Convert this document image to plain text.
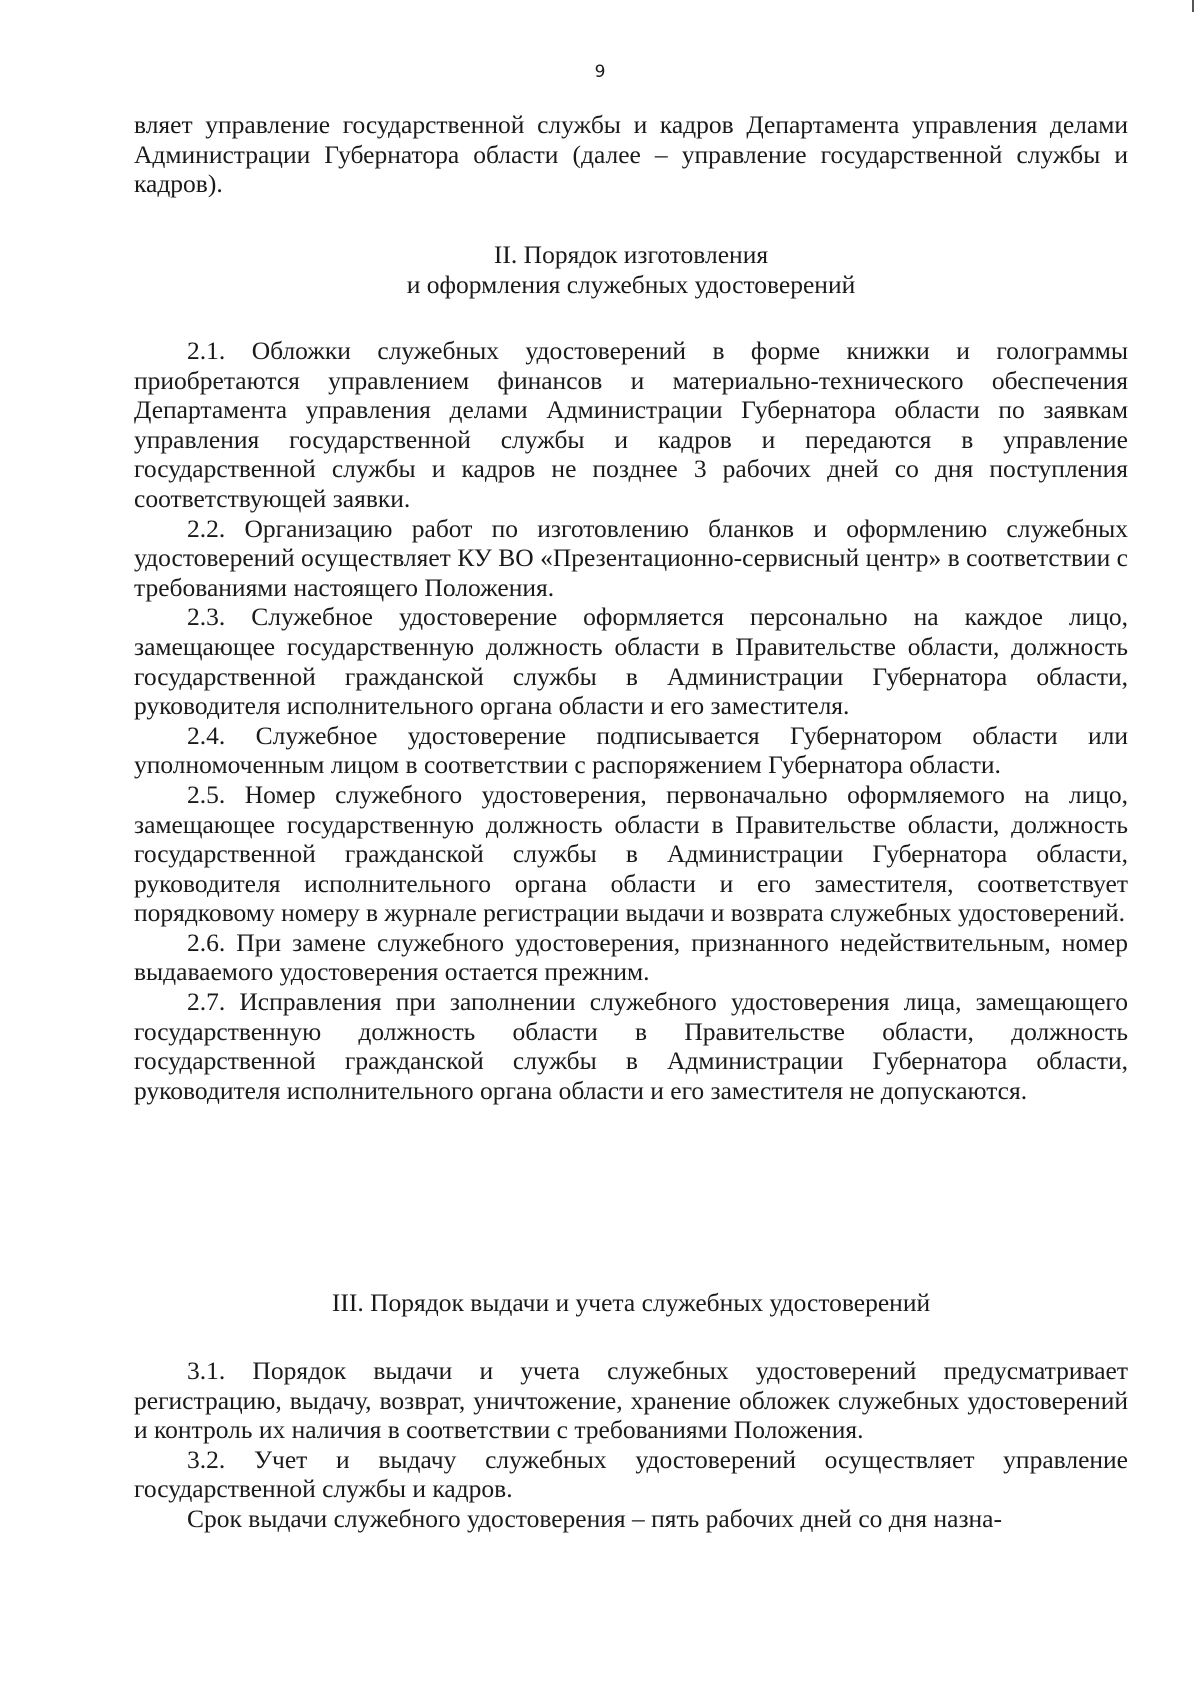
9

вляет управление государственной службы и кадров Департамента управления делами Администрации Губернатора области (далее – управление государственной службы и кадров).

II. Порядок изготовления
и оформления служебных удостоверений

2.1. Обложки служебных удостоверений в форме книжки и голограммы приобретаются управлением финансов и материально-технического обеспечения Департамента управления делами Администрации Губернатора области по заявкам управления государственной службы и кадров и передаются в управление государственной службы и кадров не позднее 3 рабочих дней со дня поступления соответствующей заявки.

2.2. Организацию работ по изготовлению бланков и оформлению служебных удостоверений осуществляет КУ ВО «Презентационно-сервисный центр» в соответствии с требованиями настоящего Положения.

2.3. Служебное удостоверение оформляется персонально на каждое лицо, замещающее государственную должность области в Правительстве области, должность государственной гражданской службы в Администрации Губернатора области, руководителя исполнительного органа области и его заместителя.

2.4. Служебное удостоверение подписывается Губернатором области или уполномоченным лицом в соответствии с распоряжением Губернатора области.

2.5. Номер служебного удостоверения, первоначально оформляемого на лицо, замещающее государственную должность области в Правительстве области, должность государственной гражданской службы в Администрации Губернатора области, руководителя исполнительного органа области и его заместителя, соответствует порядковому номеру в журнале регистрации выдачи и возврата служебных удостоверений.

2.6. При замене служебного удостоверения, признанного недействительным, номер выдаваемого удостоверения остается прежним.

2.7. Исправления при заполнении служебного удостоверения лица, замещающего государственную должность области в Правительстве области, должность государственной гражданской службы в Администрации Губернатора области, руководителя исполнительного органа области и его заместителя не допускаются.

III. Порядок выдачи и учета служебных удостоверений

3.1. Порядок выдачи и учета служебных удостоверений предусматривает регистрацию, выдачу, возврат, уничтожение, хранение обложек служебных удостоверений и контроль их наличия в соответствии с требованиями Положения.

3.2. Учет и выдачу служебных удостоверений осуществляет управление государственной службы и кадров.

Срок выдачи служебного удостоверения – пять рабочих дней со дня назна-
